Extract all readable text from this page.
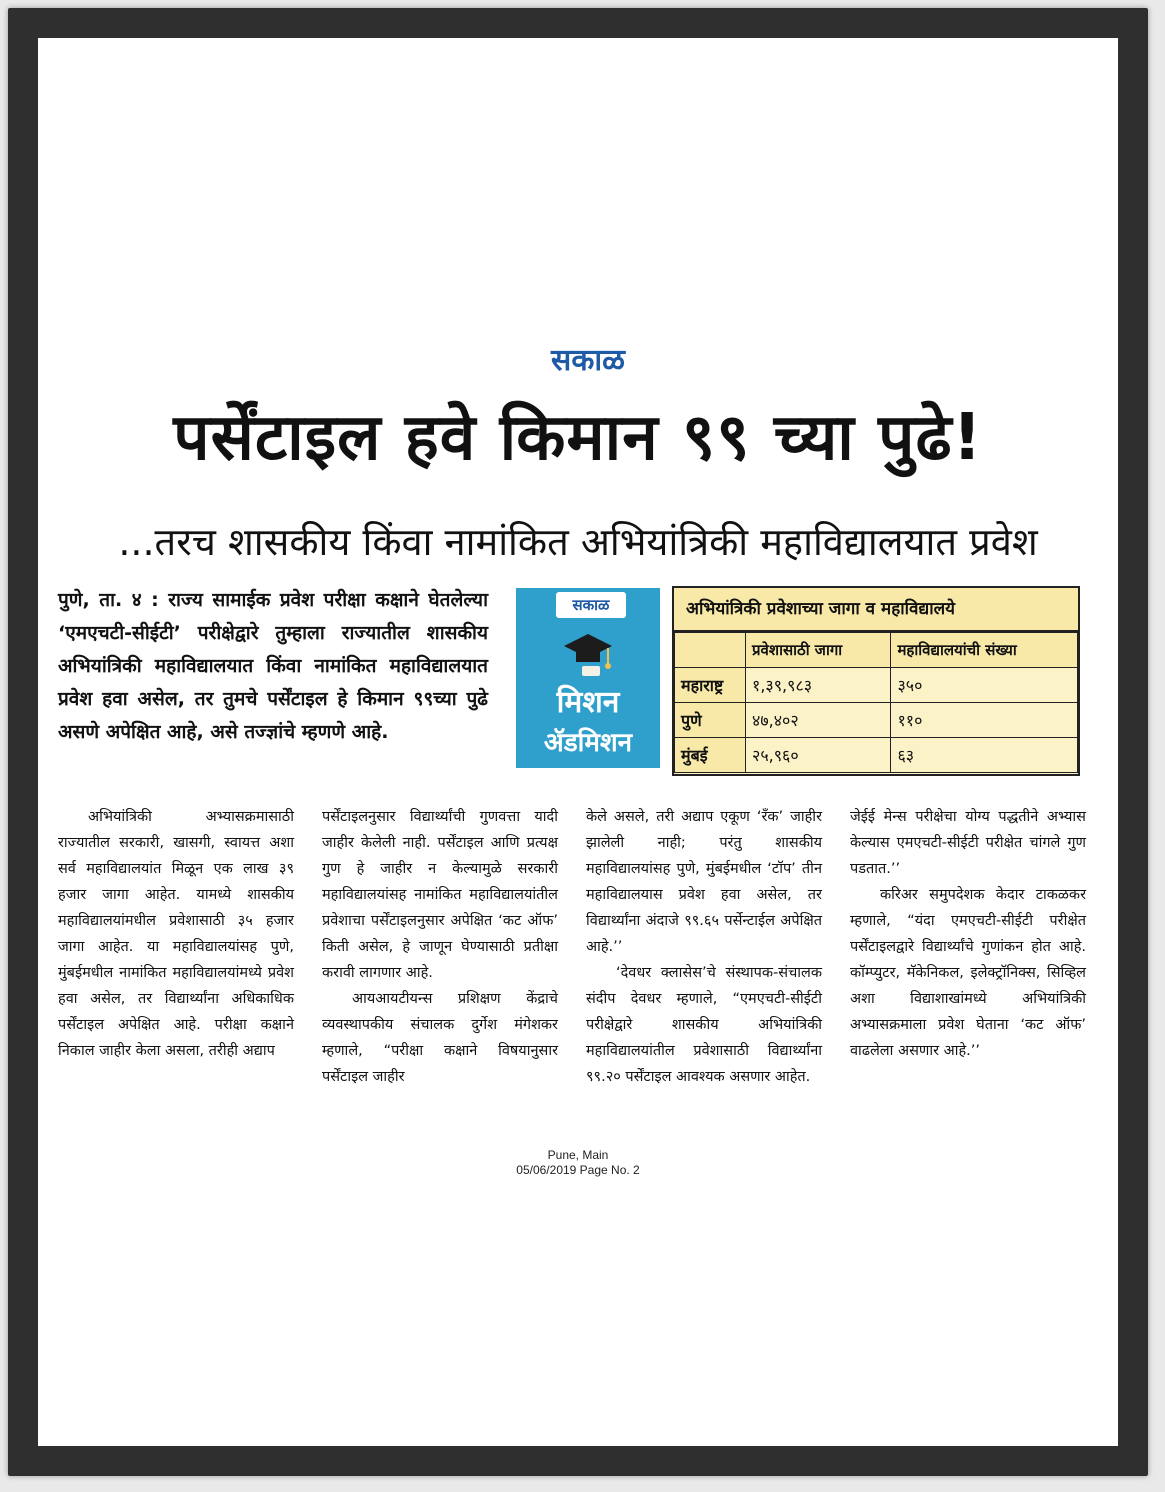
सकाळ
पर्सेंटाइल हवे किमान ९९ च्या पुढे!
...तरच शासकीय किंवा नामांकित अभियांत्रिकी महाविद्यालयात प्रवेश
पुणे, ता. ४ : राज्य सामाईक प्रवेश परीक्षा कक्षाने घेतलेल्या ‘एमएचटी-सीईटी’ परीक्षेद्वारे तुम्हाला राज्यातील शासकीय अभियांत्रिकी महाविद्यालयात किंवा नामांकित महाविद्यालयात प्रवेश हवा असेल, तर तुमचे पर्सेंटाइल हे किमान ९९च्या पुढे असणे अपेक्षित आहे, असे तज्ज्ञांचे म्हणणे आहे.
सकाळ
मिशन
ॲडमिशन
अभियांत्रिकी प्रवेशाच्या जागा व महाविद्यालये
	प्रवेशासाठी जागा	महाविद्यालयांची संख्या
महाराष्ट्र	१,३९,९८३	३५०
पुणे	४७,४०२	११०
मुंबई	२५,९६०	६३

अभियांत्रिकी अभ्यासक्रमासाठी राज्यातील सरकारी, खासगी, स्वायत्त अशा सर्व महाविद्यालयांत मिळून एक लाख ३९ हजार जागा आहेत. यामध्ये शासकीय महाविद्यालयांमधील प्रवेशासाठी ३५ हजार जागा आहेत. या महाविद्यालयांसह पुणे, मुंबईमधील नामांकित महाविद्यालयांमध्ये प्रवेश हवा असेल, तर विद्यार्थ्यांना अधिकाधिक पर्सेंटाइल अपेक्षित आहे. परीक्षा कक्षाने निकाल जाहीर केला असला, तरीही अद्याप

पर्सेंटाइलनुसार विद्यार्थ्यांची गुणवत्ता यादी जाहीर केलेली नाही. पर्सेंटाइल आणि प्रत्यक्ष गुण हे जाहीर न केल्यामुळे सरकारी महाविद्यालयांसह नामांकित महाविद्यालयांतील प्रवेशाचा पर्सेंटाइलनुसार अपेक्षित ‘कट ऑफ’ किती असेल, हे जाणून घेण्यासाठी प्रतीक्षा करावी लागणार आहे.

आयआयटीयन्स प्रशिक्षण केंद्राचे व्यवस्थापकीय संचालक दुर्गेश मंगेशकर म्हणाले, “परीक्षा कक्षाने विषयानुसार पर्सेंटाइल जाहीर

केले असले, तरी अद्याप एकूण ‘रँक’ जाहीर झालेली नाही; परंतु शासकीय महाविद्यालयांसह पुणे, मुंबईमधील ‘टॉप’ तीन महाविद्यालयास प्रवेश हवा असेल, तर विद्यार्थ्यांना अंदाजे ९९.६५ पर्सेन्टाईल अपेक्षित आहे.’’

‘देवधर क्लासेस’चे संस्थापक-संचालक संदीप देवधर म्हणाले, “एमएचटी-सीईटी परीक्षेद्वारे शासकीय अभियांत्रिकी महाविद्यालयांतील प्रवेशासाठी विद्यार्थ्यांना ९९.२० पर्सेंटाइल आवश्यक असणार आहेत.

जेईई मेन्स परीक्षेचा योग्य पद्धतीने अभ्यास केल्यास एमएचटी-सीईटी परीक्षेत चांगले गुण पडतात.’’

करिअर समुपदेशक केदार टाकळकर म्हणाले, “यंदा एमएचटी-सीईटी परीक्षेत पर्सेंटाइलद्वारे विद्यार्थ्यांचे गुणांकन होत आहे. कॉम्प्युटर, मॅकेनिकल, इलेक्ट्रॉनिक्स, सिव्हिल अशा विद्याशाखांमध्ये अभियांत्रिकी अभ्यासक्रमाला प्रवेश घेताना ‘कट ऑफ’ वाढलेला असणार आहे.’’

Pune, Main
05/06/2019 Page No. 2
